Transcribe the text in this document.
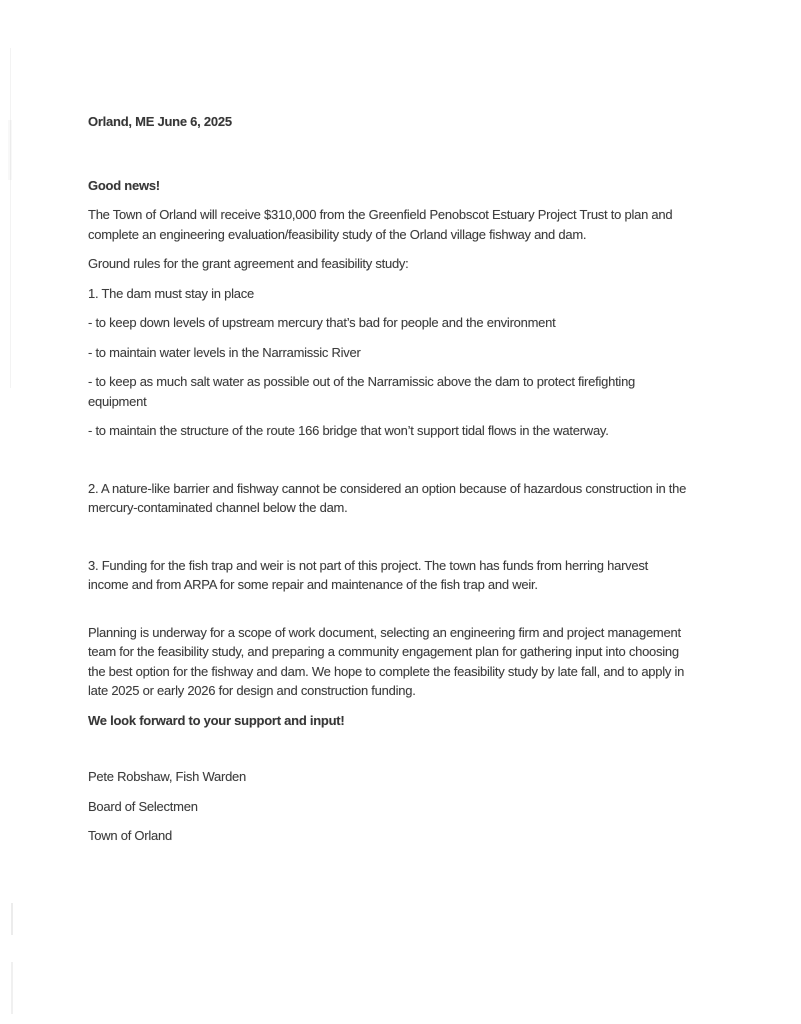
Orland, ME June 6, 2025

Good news!

The Town of Orland will receive $310,000 from the Greenfield Penobscot Estuary Project Trust to plan and complete an engineering evaluation/feasibility study of the Orland village fishway and dam.

Ground rules for the grant agreement and feasibility study:

1. The dam must stay in place

- to keep down levels of upstream mercury that’s bad for people and the environment

- to maintain water levels in the Narramissic River

- to keep as much salt water as possible out of the Narramissic above the dam to protect firefighting equipment

- to maintain the structure of the route 166 bridge that won’t support tidal flows in the waterway.

2. A nature-like barrier and fishway cannot be considered an option because of hazardous construction in the mercury-contaminated channel below the dam.

3. Funding for the fish trap and weir is not part of this project. The town has funds from herring harvest income and from ARPA for some repair and maintenance of the fish trap and weir.

Planning is underway for a scope of work document, selecting an engineering firm and project management team for the feasibility study, and preparing a community engagement plan for gathering input into choosing the best option for the fishway and dam. We hope to complete the feasibility study by late fall, and to apply in late 2025 or early 2026 for design and construction funding.

We look forward to your support and input!

Pete Robshaw, Fish Warden

Board of Selectmen

Town of Orland
